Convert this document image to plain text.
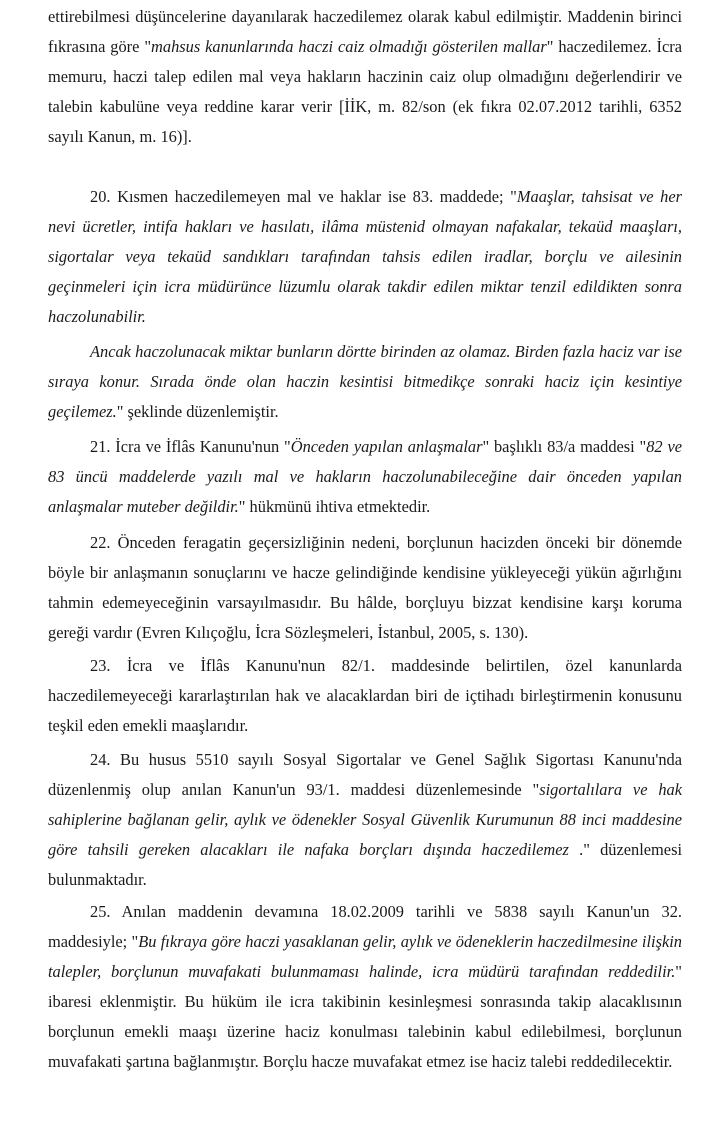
ettirebilmesi düşüncelerine dayanılarak haczedilemez olarak kabul edilmiştir. Maddenin birinci fıkrasına göre "mahsus kanunlarında haczi caiz olmadığı gösterilen mallar" haczedilemez. İcra memuru, haczi talep edilen mal veya hakların haczinin caiz olup olmadığını değerlendirir ve talebin kabulüne veya reddine karar verir [İİK, m. 82/son (ek fıkra 02.07.2012 tarihli, 6352 sayılı Kanun, m. 16)].

20. Kısmen haczedilemeyen mal ve haklar ise 83. maddede; "Maaşlar, tahsisat ve her nevi ücretler, intifa hakları ve hasılatı, ilâma müstenid olmayan nafakalar, tekaüd maaşları, sigortalar veya tekaüd sandıkları tarafından tahsis edilen iradlar, borçlu ve ailesinin geçinmeleri için icra müdürünce lüzumlu olarak takdir edilen miktar tenzil edildikten sonra haczolunabilir.

Ancak haczolunacak miktar bunların dörtte birinden az olamaz. Birden fazla haciz var ise sıraya konur. Sırada önde olan haczin kesintisi bitmedikçe sonraki haciz için kesintiye geçilemez." şeklinde düzenlemiştir.

21. İcra ve İflâs Kanunu'nun "Önceden yapılan anlaşmalar" başlıklı 83/a maddesi "82 ve 83 üncü maddelerde yazılı mal ve hakların haczolunabileceğine dair önceden yapılan anlaşmalar muteber değildir." hükmünü ihtiva etmektedir.

22. Önceden feragatin geçersizliğinin nedeni, borçlunun hacizden önceki bir dönemde böyle bir anlaşmanın sonuçlarını ve hacze gelindiğinde kendisine yükleyeceği yükün ağırlığını tahmin edemeyeceğinin varsayılmasıdır. Bu hâlde, borçluyu bizzat kendisine karşı koruma gereği vardır (Evren Kılıçoğlu, İcra Sözleşmeleri, İstanbul, 2005, s. 130).

23. İcra ve İflâs Kanunu'nun 82/1. maddesinde belirtilen, özel kanunlarda haczedilemeyeceği kararlaştırılan hak ve alacaklardan biri de içtihadı birleştirmenin konusunu teşkil eden emekli maaşlarıdır.

24. Bu husus 5510 sayılı Sosyal Sigortalar ve Genel Sağlık Sigortası Kanunu'nda düzenlenmiş olup anılan Kanun'un 93/1. maddesi düzenlemesinde "sigortalılara ve hak sahiplerine bağlanan gelir, aylık ve ödenekler Sosyal Güvenlik Kurumunun 88 inci maddesine göre tahsili gereken alacakları ile nafaka borçları dışında haczedilemez ." düzenlemesi bulunmaktadır.

25. Anılan maddenin devamına 18.02.2009 tarihli ve 5838 sayılı Kanun'un 32. maddesiyle; "Bu fıkraya göre haczi yasaklanan gelir, aylık ve ödeneklerin haczedilmesine ilişkin talepler, borçlunun muvafakati bulunmaması halinde, icra müdürü tarafından reddedilir." ibaresi eklenmiştir. Bu hüküm ile icra takibinin kesinleşmesi sonrasında takip alacaklısının borçlunun emekli maaşı üzerine haciz konulması talebinin kabul edilebilmesi, borçlunun muvafakati şartına bağlanmıştır. Borçlu hacze muvafakat etmez ise haciz talebi reddedilecektir.
